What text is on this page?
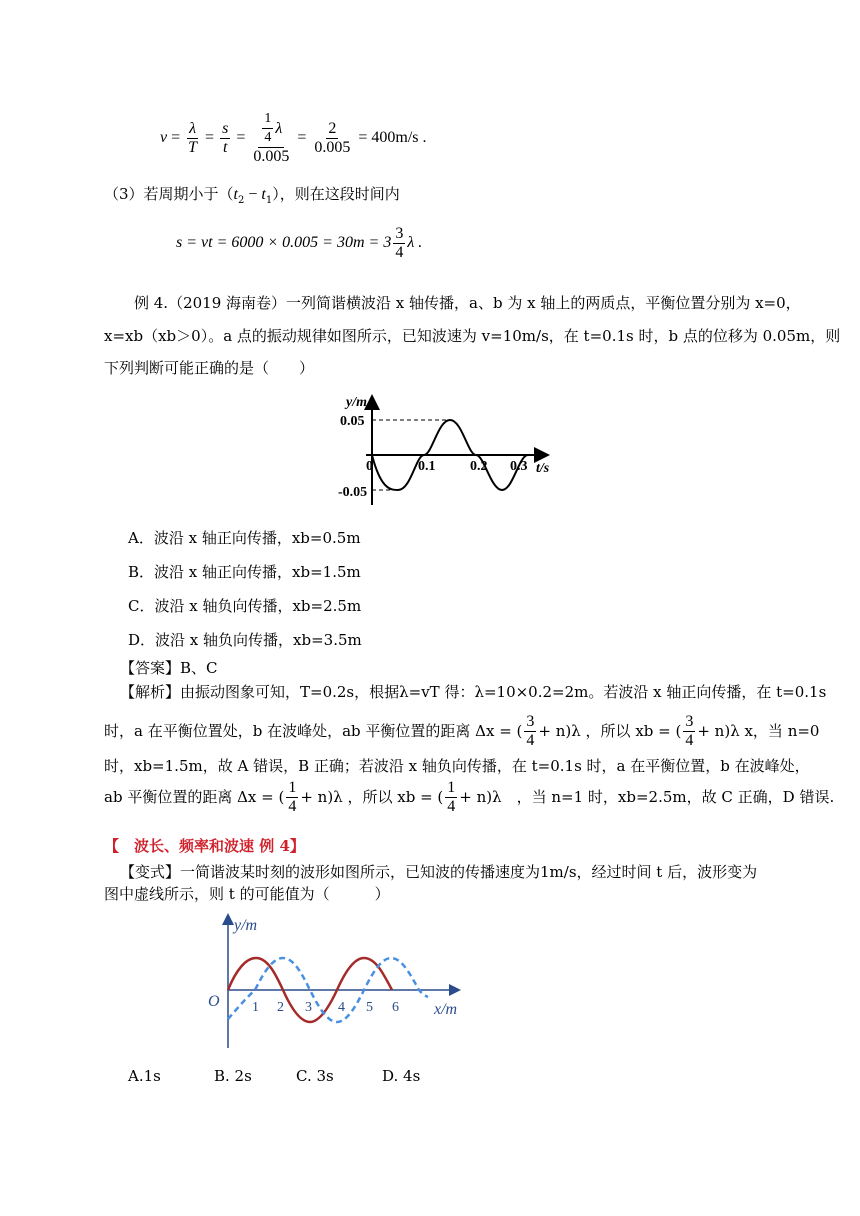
$v = \frac{\lambda}{T} = \frac{s}{t} = \frac{\frac{1}{4} \lambda}{0.005} = \frac{2}{0.005}$
= 400m/s .
（3）若周期小于$(t_2 - t_1)$，则在这段时间内
s = vt = $6000 \times 0.005 = 30m = 3 \frac{3}{4}$ λ .
例 4.（2019 海南卷）一列简谐横波沿 x 轴传播，a、b 为 x 轴上的两质点，平衡位置分别为 x=0，
x=xb（xb＞0）。a 点的振动规律如图所示，已知波速为 v=10m/s，在 t=0.1s 时，b 点的位移为 0.05m，则
下列判断可能正确的是（　　）
y/m
0.05
-0.05
0	0.1 0.2 0.3 t/s
A．波沿 x 轴正向传播，xb=0.5m
B．波沿 x 轴正向传播，xb=1.5m
C．波沿 x 轴负向传播，xb=2.5m
D．波沿 x 轴负向传播，xb=3.5m
【答案】B、C
【解析】由振动图象可知，T=0.2s，根据λ=vT 得：λ=10×0.2=2m。若波沿 x 轴正向传播，在 t=0.1s
时，a 在平衡位置处，b 在波峰处，ab 平衡位置的距离 Δx = ( $\frac{3}{4} + n)\lambda$ ，所以 xb = ( $\frac{3}{4} + n)\lambda$ x，当 n=0
时，xb=1.5m，故 A 错误，B 正确；若波沿 x 轴负向传播，在 t=0.1s 时，a 在平衡位置，b 在波峰处，
ab 平衡位置的距离 Δx = ( $\frac{1}{4} + n)\lambda$ ，所以 xb = ( $\frac{1}{4} + n)\lambda$　，当 n=1 时，xb=2.5m，故 C 正确，D 错误.
【　波长、频率和波速 例 4】
【变式】一简谐波某时刻的波形如图所示，已知波的传播速度为1m/s，经过时间 t 后，波形变为
图中虚线所示，则 t 的可能值为（　　　）
y/m
O 1 2 3 4 5 6 x/m
A.1s	B. 2s	C. 3s	D. 4s
